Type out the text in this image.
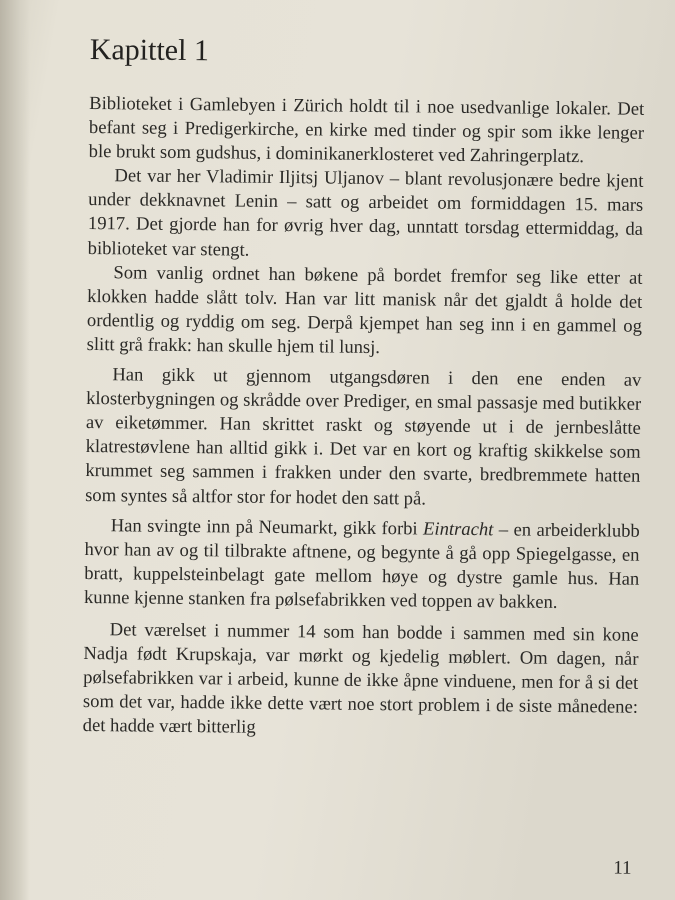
Kapittel 1

Biblioteket i Gamlebyen i Zürich holdt til i noe usedvanlige lokaler. Det befant seg i Predigerkirche, en kirke med tinder og spir som ikke lenger ble brukt som gudshus, i dominikanerklosteret ved Zahringerplatz.

Det var her Vladimir Iljitsj Uljanov – blant revolusjonære bedre kjent under dekknavnet Lenin – satt og arbeidet om formiddagen 15. mars 1917. Det gjorde han for øvrig hver dag, unntatt torsdag ettermiddag, da biblioteket var stengt.

Som vanlig ordnet han bøkene på bordet fremfor seg like etter at klokken hadde slått tolv. Han var litt manisk når det gjaldt å holde det ordentlig og ryddig om seg. Derpå kjempet han seg inn i en gammel og slitt grå frakk: han skulle hjem til lunsj.

Han gikk ut gjennom utgangsdøren i den ene enden av klosterbygningen og skrådde over Prediger, en smal passasje med butikker av eiketømmer. Han skrittet raskt og støyende ut i de jernbeslåtte klatrestøvlene han alltid gikk i. Det var en kort og kraftig skikkelse som krummet seg sammen i frakken under den svarte, bredbremmete hatten som syntes så altfor stor for hodet den satt på.

Han svingte inn på Neumarkt, gikk forbi Eintracht – en arbeiderklubb hvor han av og til tilbrakte aftnene, og begynte å gå opp Spiegelgasse, en bratt, kuppelsteinbelagt gate mellom høye og dystre gamle hus. Han kunne kjenne stanken fra pølsefabrikken ved toppen av bakken.

Det værelset i nummer 14 som han bodde i sammen med sin kone Nadja født Krupskaja, var mørkt og kjedelig møblert. Om dagen, når pølsefabrikken var i arbeid, kunne de ikke åpne vinduene, men for å si det som det var, hadde ikke dette vært noe stort problem i de siste månedene: det hadde vært bitterlig

11
